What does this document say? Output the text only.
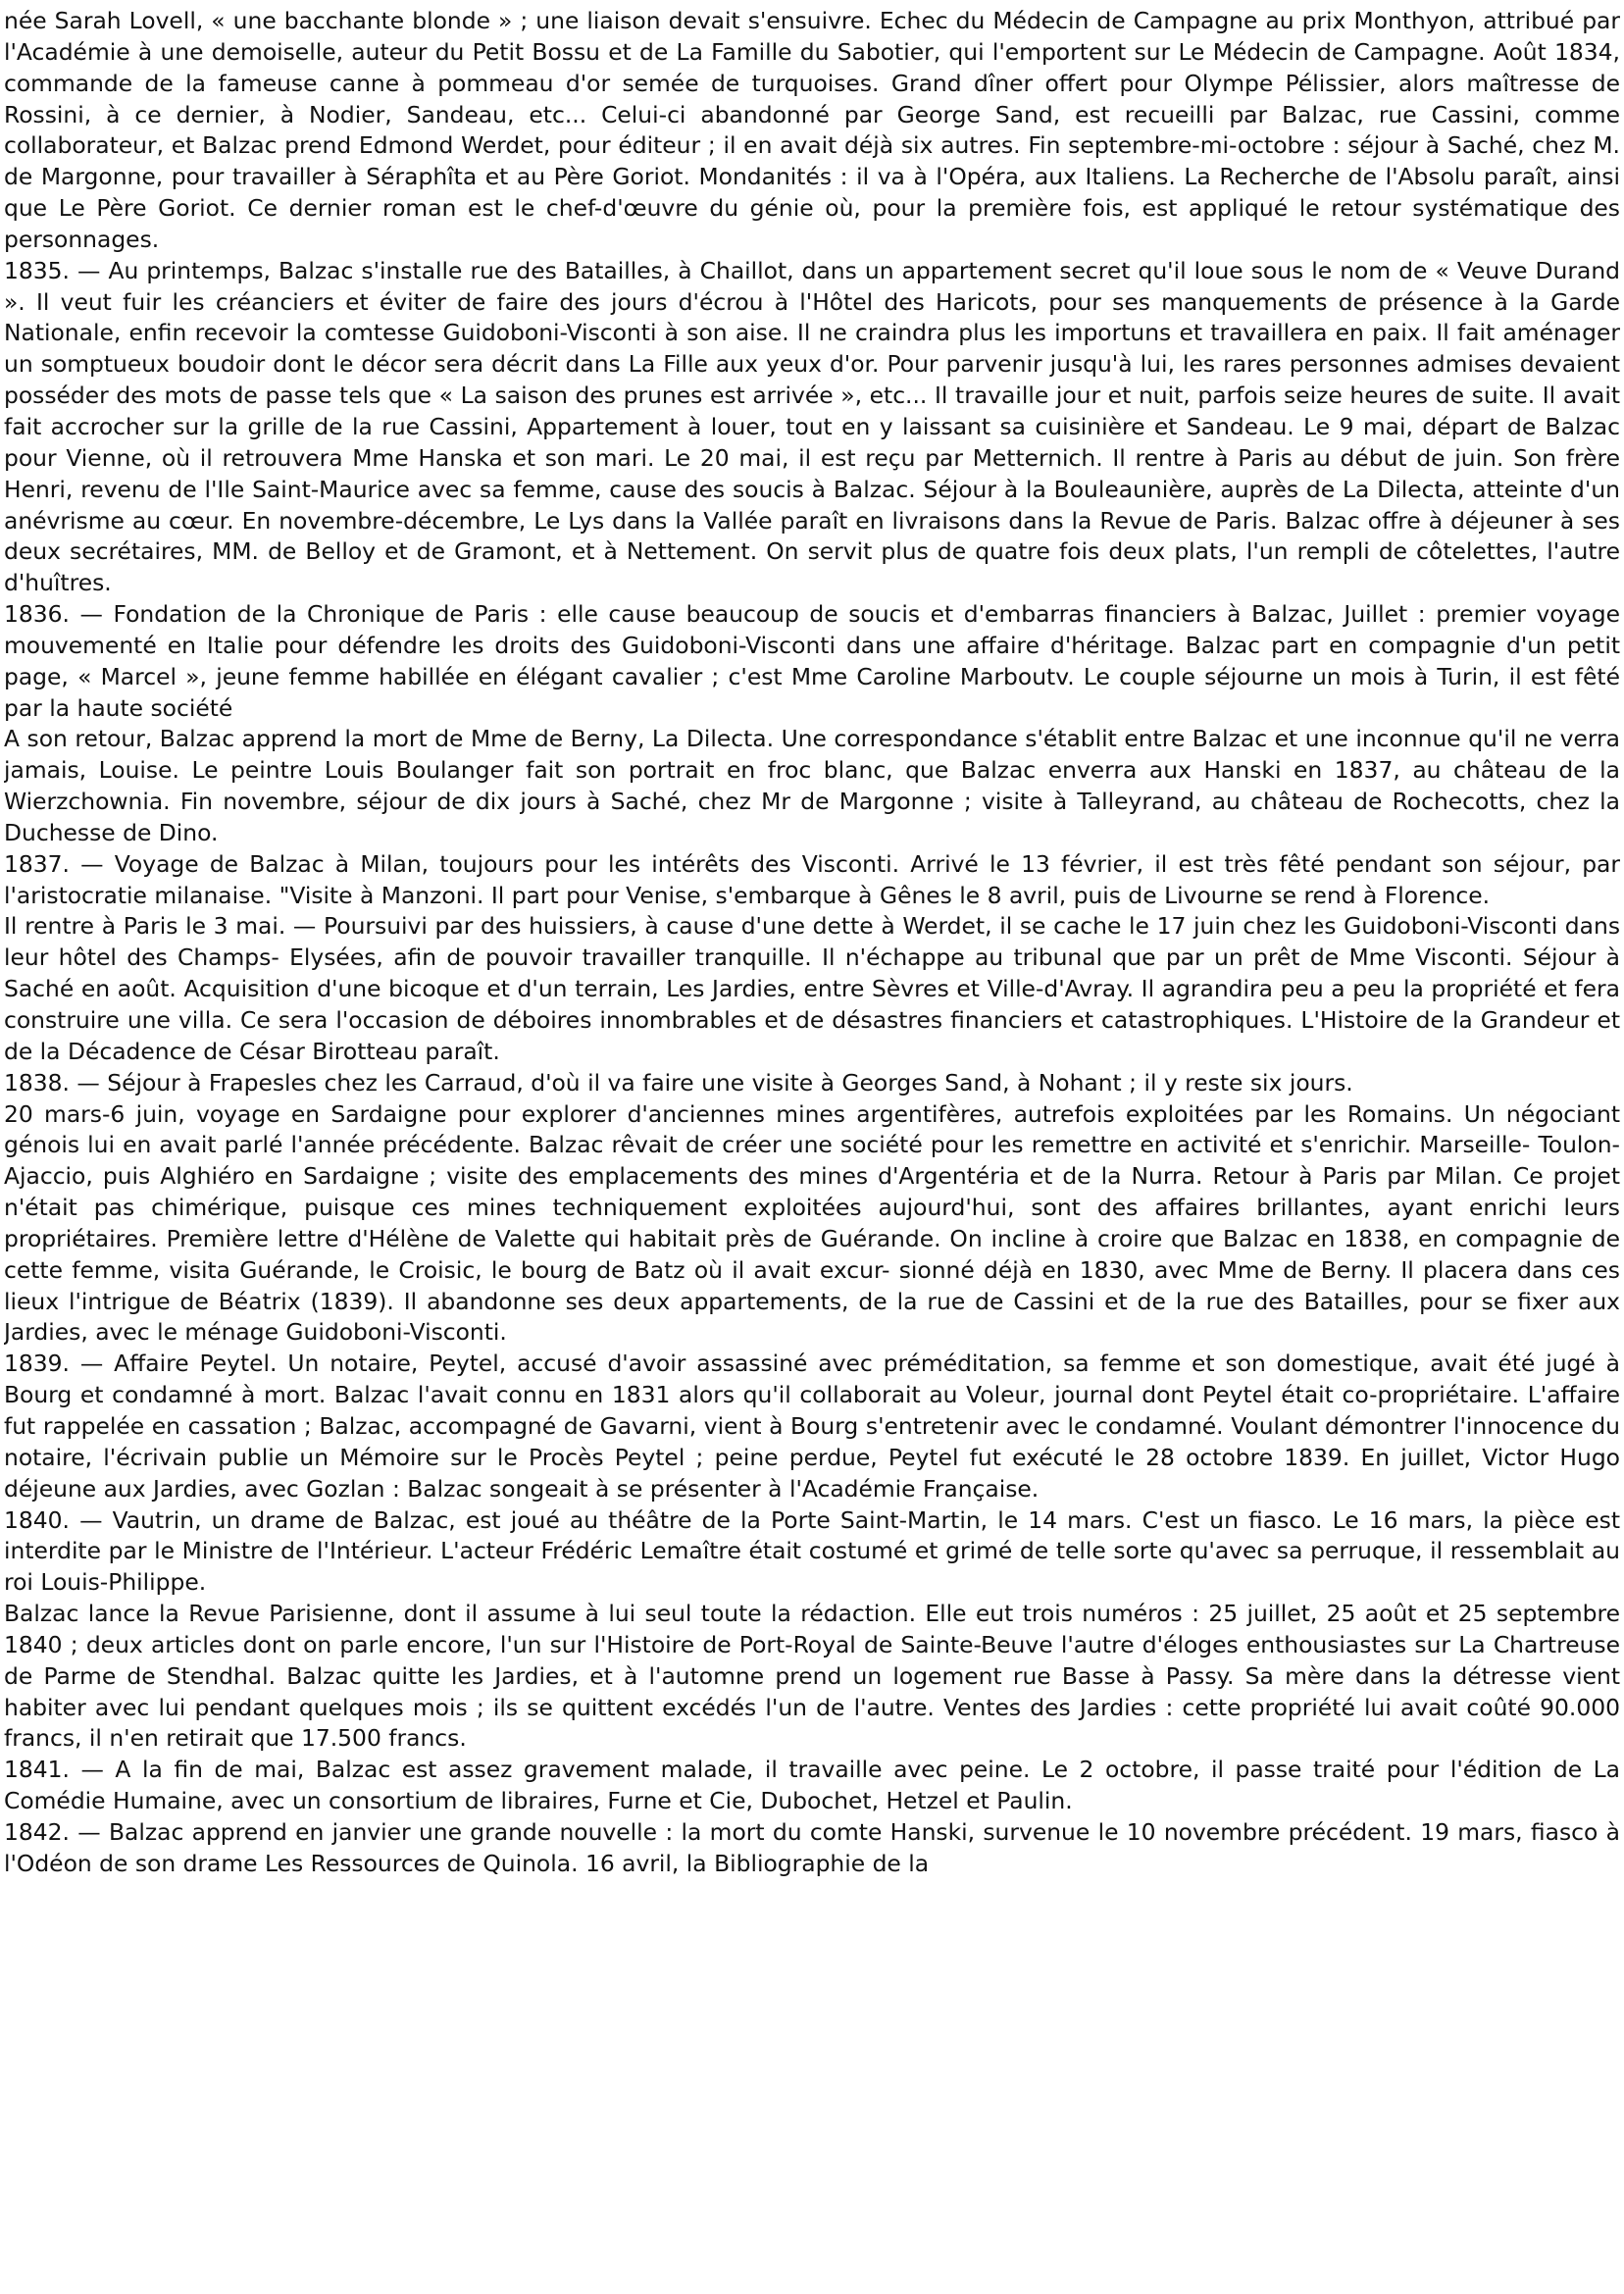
née Sarah Lovell, « une bacchante blonde » ; une liaison devait s'ensuivre. Echec du Médecin de Campagne au prix Monthyon, attribué par l'Académie à une demoiselle, auteur du Petit Bossu et de La Famille du Sabotier, qui l'emportent sur Le Médecin de Campagne. Août 1834, commande de la fameuse canne à pommeau d'or semée de turquoises. Grand dîner offert pour Olympe Pélissier, alors maîtresse de Rossini, à ce dernier, à Nodier, Sandeau, etc... Celui-ci abandonné par George Sand, est recueilli par Balzac, rue Cassini, comme collaborateur, et Balzac prend Edmond Werdet, pour éditeur ; il en avait déjà six autres. Fin septembre-mi-octobre : séjour à Saché, chez M. de Margonne, pour travailler à Séraphîta et au Père Goriot. Mondanités : il va à l'Opéra, aux Italiens. La Recherche de l'Absolu paraît, ainsi que Le Père Goriot. Ce dernier roman est le chef-d'œuvre du génie où, pour la première fois, est appliqué le retour systématique des personnages.

1835. — Au printemps, Balzac s'installe rue des Batailles, à Chaillot, dans un appartement secret qu'il loue sous le nom de « Veuve Durand ». Il veut fuir les créanciers et éviter de faire des jours d'écrou à l'Hôtel des Haricots, pour ses manquements de présence à la Garde Nationale, enfin recevoir la comtesse Guidoboni-Visconti à son aise. Il ne craindra plus les importuns et travaillera en paix. Il fait aménager un somptueux boudoir dont le décor sera décrit dans La Fille aux yeux d'or. Pour parvenir jusqu'à lui, les rares personnes admises devaient posséder des mots de passe tels que « La saison des prunes est arrivée », etc... Il travaille jour et nuit, parfois seize heures de suite. Il avait fait accrocher sur la grille de la rue Cassini, Appartement à louer, tout en y laissant sa cuisinière et Sandeau. Le 9 mai, départ de Balzac pour Vienne, où il retrouvera Mme Hanska et son mari. Le 20 mai, il est reçu par Metternich. Il rentre à Paris au début de juin. Son frère Henri, revenu de l'Ile Saint-Maurice avec sa femme, cause des soucis à Balzac. Séjour à la Bouleaunière, auprès de La Dilecta, atteinte d'un anévrisme au cœur. En novembre-décembre, Le Lys dans la Vallée paraît en livraisons dans la Revue de Paris. Balzac offre à déjeuner à ses deux secrétaires, MM. de Belloy et de Gramont, et à Nettement. On servit plus de quatre fois deux plats, l'un rempli de côtelettes, l'autre d'huîtres.

1836. — Fondation de la Chronique de Paris : elle cause beaucoup de soucis et d'embarras financiers à Balzac, Juillet : premier voyage mouvementé en Italie pour défendre les droits des Guidoboni-Visconti dans une affaire d'héritage. Balzac part en compagnie d'un petit page, « Marcel », jeune femme habillée en élégant cavalier ; c'est Mme Caroline Marboutv. Le couple séjourne un mois à Turin, il est fêté par la haute société

A son retour, Balzac apprend la mort de Mme de Berny, La Dilecta. Une correspondance s'établit entre Balzac et une inconnue qu'il ne verra jamais, Louise. Le peintre Louis Boulanger fait son portrait en froc blanc, que Balzac enverra aux Hanski en 1837, au château de la Wierzchownia. Fin novembre, séjour de dix jours à Saché, chez Mr de Margonne ; visite à Talleyrand, au château de Rochecotts, chez la Duchesse de Dino.

1837. — Voyage de Balzac à Milan, toujours pour les intérêts des Visconti. Arrivé le 13 février, il est très fêté pendant son séjour, par l'aristocratie milanaise. "Visite à Manzoni. Il part pour Venise, s'embarque à Gênes le 8 avril, puis de Livourne se rend à Florence.

Il rentre à Paris le 3 mai. — Poursuivi par des huissiers, à cause d'une dette à Werdet, il se cache le 17 juin chez les Guidoboni-Visconti dans leur hôtel des Champs- Elysées, afin de pouvoir travailler tranquille. Il n'échappe au tribunal que par un prêt de Mme Visconti. Séjour à Saché en août. Acquisition d'une bicoque et d'un terrain, Les Jardies, entre Sèvres et Ville-d'Avray. Il agrandira peu a peu la propriété et fera construire une villa. Ce sera l'occasion de déboires innombrables et de désastres financiers et catastrophiques. L'Histoire de la Grandeur et de la Décadence de César Birotteau paraît.

1838. — Séjour à Frapesles chez les Carraud, d'où il va faire une visite à Georges Sand, à Nohant ; il y reste six jours.

20 mars-6 juin, voyage en Sardaigne pour explorer d'anciennes mines argentifères, autrefois exploitées par les Romains. Un négociant génois lui en avait parlé l'année précédente. Balzac rêvait de créer une société pour les remettre en activité et s'enrichir. Marseille- Toulon-Ajaccio, puis Alghiéro en Sardaigne ; visite des emplacements des mines d'Argentéria et de la Nurra. Retour à Paris par Milan. Ce projet n'était pas chimérique, puisque ces mines techniquement exploitées aujourd'hui, sont des affaires brillantes, ayant enrichi leurs propriétaires. Première lettre d'Hélène de Valette qui habitait près de Guérande. On incline à croire que Balzac en 1838, en compagnie de cette femme, visita Guérande, le Croisic, le bourg de Batz où il avait excur- sionné déjà en 1830, avec Mme de Berny. Il placera dans ces lieux l'intrigue de Béatrix (1839). Il abandonne ses deux appartements, de la rue de Cassini et de la rue des Batailles, pour se fixer aux Jardies, avec le ménage Guidoboni-Visconti.

1839. — Affaire Peytel. Un notaire, Peytel, accusé d'avoir assassiné avec préméditation, sa femme et son domestique, avait été jugé à Bourg et condamné à mort. Balzac l'avait connu en 1831 alors qu'il collaborait au Voleur, journal dont Peytel était co-propriétaire. L'affaire fut rappelée en cassation ; Balzac, accompagné de Gavarni, vient à Bourg s'entretenir avec le condamné. Voulant démontrer l'innocence du notaire, l'écrivain publie un Mémoire sur le Procès Peytel ; peine perdue, Peytel fut exécuté le 28 octobre 1839. En juillet, Victor Hugo déjeune aux Jardies, avec Gozlan : Balzac songeait à se présenter à l'Académie Française.

1840. — Vautrin, un drame de Balzac, est joué au théâtre de la Porte Saint-Martin, le 14 mars. C'est un fiasco. Le 16 mars, la pièce est interdite par le Ministre de l'Intérieur. L'acteur Frédéric Lemaître était costumé et grimé de telle sorte qu'avec sa perruque, il ressemblait au roi Louis-Philippe.

Balzac lance la Revue Parisienne, dont il assume à lui seul toute la rédaction. Elle eut trois numéros : 25 juillet, 25 août et 25 septembre 1840 ; deux articles dont on parle encore, l'un sur l'Histoire de Port-Royal de Sainte-Beuve l'autre d'éloges enthousiastes sur La Chartreuse de Parme de Stendhal. Balzac quitte les Jardies, et à l'automne prend un logement rue Basse à Passy. Sa mère dans la détresse vient habiter avec lui pendant quelques mois ; ils se quittent excédés l'un de l'autre. Ventes des Jardies : cette propriété lui avait coûté 90.000 francs, il n'en retirait que 17.500 francs.

1841. — A la fin de mai, Balzac est assez gravement malade, il travaille avec peine. Le 2 octobre, il passe traité pour l'édition de La Comédie Humaine, avec un consortium de libraires, Furne et Cie, Dubochet, Hetzel et Paulin.

1842. — Balzac apprend en janvier une grande nouvelle : la mort du comte Hanski, survenue le 10 novembre précédent. 19 mars, fiasco à l'Odéon de son drame Les Ressources de Quinola. 16 avril, la Bibliographie de la
